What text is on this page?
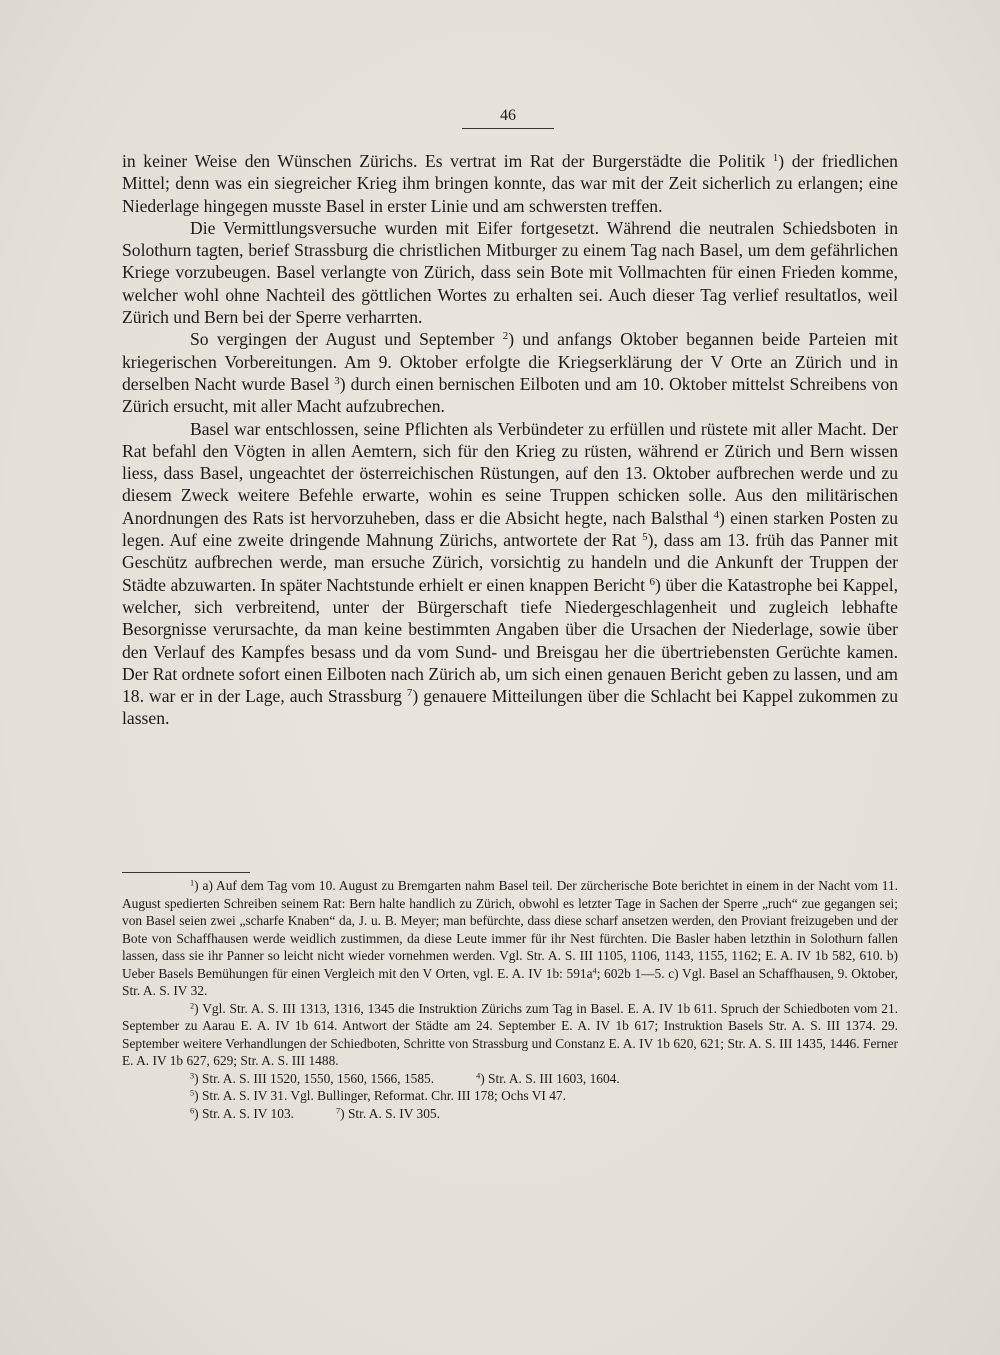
46

in keiner Weise den Wünschen Zürichs. Es vertrat im Rat der Burgerstädte die Politik $^1$) der friedlichen Mittel; denn was ein siegreicher Krieg ihm bringen konnte, das war mit der Zeit sicherlich zu erlangen; eine Niederlage hingegen musste Basel in erster Linie und am schwersten treffen.

Die Vermittlungsversuche wurden mit Eifer fortgesetzt. Während die neutralen Schiedsboten in Solothurn tagten, berief Strassburg die christlichen Mitburger zu einem Tag nach Basel, um dem gefährlichen Kriege vorzubeugen. Basel verlangte von Zürich, dass sein Bote mit Vollmachten für einen Frieden komme, welcher wohl ohne Nachteil des göttlichen Wortes zu erhalten sei. Auch dieser Tag verlief resultatlos, weil Zürich und Bern bei der Sperre verharrten.

So vergingen der August und September $^2$) und anfangs Oktober begannen beide Parteien mit kriegerischen Vorbereitungen. Am 9. Oktober erfolgte die Kriegserklärung der V Orte an Zürich und in derselben Nacht wurde Basel $^3$) durch einen bernischen Eilboten und am 10. Oktober mittelst Schreibens von Zürich ersucht, mit aller Macht aufzubrechen.

Basel war entschlossen, seine Pflichten als Verbündeter zu erfüllen und rüstete mit aller Macht. Der Rat befahl den Vögten in allen Aemtern, sich für den Krieg zu rüsten, während er Zürich und Bern wissen liess, dass Basel, ungeachtet der österreichischen Rüstungen, auf den 13. Oktober aufbrechen werde und zu diesem Zweck weitere Befehle erwarte, wohin es seine Truppen schicken solle. Aus den militärischen Anordnungen des Rats ist hervorzuheben, dass er die Absicht hegte, nach Balsthal $^4$) einen starken Posten zu legen. Auf eine zweite dringende Mahnung Zürichs, antwortete der Rat $^5$), dass am 13. früh das Panner mit Geschütz aufbrechen werde, man ersuche Zürich, vorsichtig zu handeln und die Ankunft der Truppen der Städte abzuwarten. In später Nachtstunde erhielt er einen knappen Bericht $^6$) über die Katastrophe bei Kappel, welcher, sich verbreitend, unter der Bürgerschaft tiefe Niedergeschlagenheit und zugleich lebhafte Besorgnisse verursachte, da man keine bestimmten Angaben über die Ursachen der Niederlage, sowie über den Verlauf des Kampfes besass und da vom Sund- und Breisgau her die übertriebensten Gerüchte kamen. Der Rat ordnete sofort einen Eilboten nach Zürich ab, um sich einen genauen Bericht geben zu lassen, und am 18. war er in der Lage, auch Strassburg $^7$) genauere Mitteilungen über die Schlacht bei Kappel zukommen zu lassen.

$^1$) a) Auf dem Tag vom 10. August zu Bremgarten nahm Basel teil. Der zürcherische Bote berichtet in einem in der Nacht vom 11. August spedierten Schreiben seinem Rat: Bern halte handlich zu Zürich, obwohl es letzter Tage in Sachen der Sperre „ruch“ zue gegangen sei; von Basel seien zwei „scharfe Knaben“ da, J. u. B. Meyer; man befürchte, dass diese scharf ansetzen werden, den Proviant freizugeben und der Bote von Schaffhausen werde weidlich zustimmen, da diese Leute immer für ihr Nest fürchten. Die Basler haben letzthin in Solothurn fallen lassen, dass sie ihr Panner so leicht nicht wieder vornehmen werden. Vgl. Str. A. S. III 1105, 1106, 1143, 1155, 1162; E. A. IV 1b 582, 610. b) Ueber Basels Bemühungen für einen Vergleich mit den V Orten, vgl. E. A. IV 1b: $591a^4$; 602b 1—5. c) Vgl. Basel an Schaffhausen, 9. Oktober, Str. A. S. IV 32.

$^2$) Vgl. Str. A. S. III 1313, 1316, 1345 die Instruktion Zürichs zum Tag in Basel. E. A. IV 1b 611. Spruch der Schiedboten vom 21. September zu Aarau E. A. IV 1b 614. Antwort der Städte am 24. September E. A. IV 1b 617; Instruktion Basels Str. A. S. III 1374. 29. September weitere Verhandlungen der Schiedboten, Schritte von Strassburg und Constanz E. A. IV 1b 620, 621; Str. A. S. III 1435, 1446. Ferner E. A. IV 1b 627, 629; Str. A. S. III 1488.

$^3$) Str. A. S. III 1520, 1550, 1560, 1566, 1585.	$^4$) Str. A. S. III 1603, 1604.

$^5$) Str. A. S. IV 31. Vgl. Bullinger, Reformat. Chr. III 178; Ochs VI 47.

$^6$) Str. A. S. IV 103.	$^7$) Str. A. S. IV 305.
